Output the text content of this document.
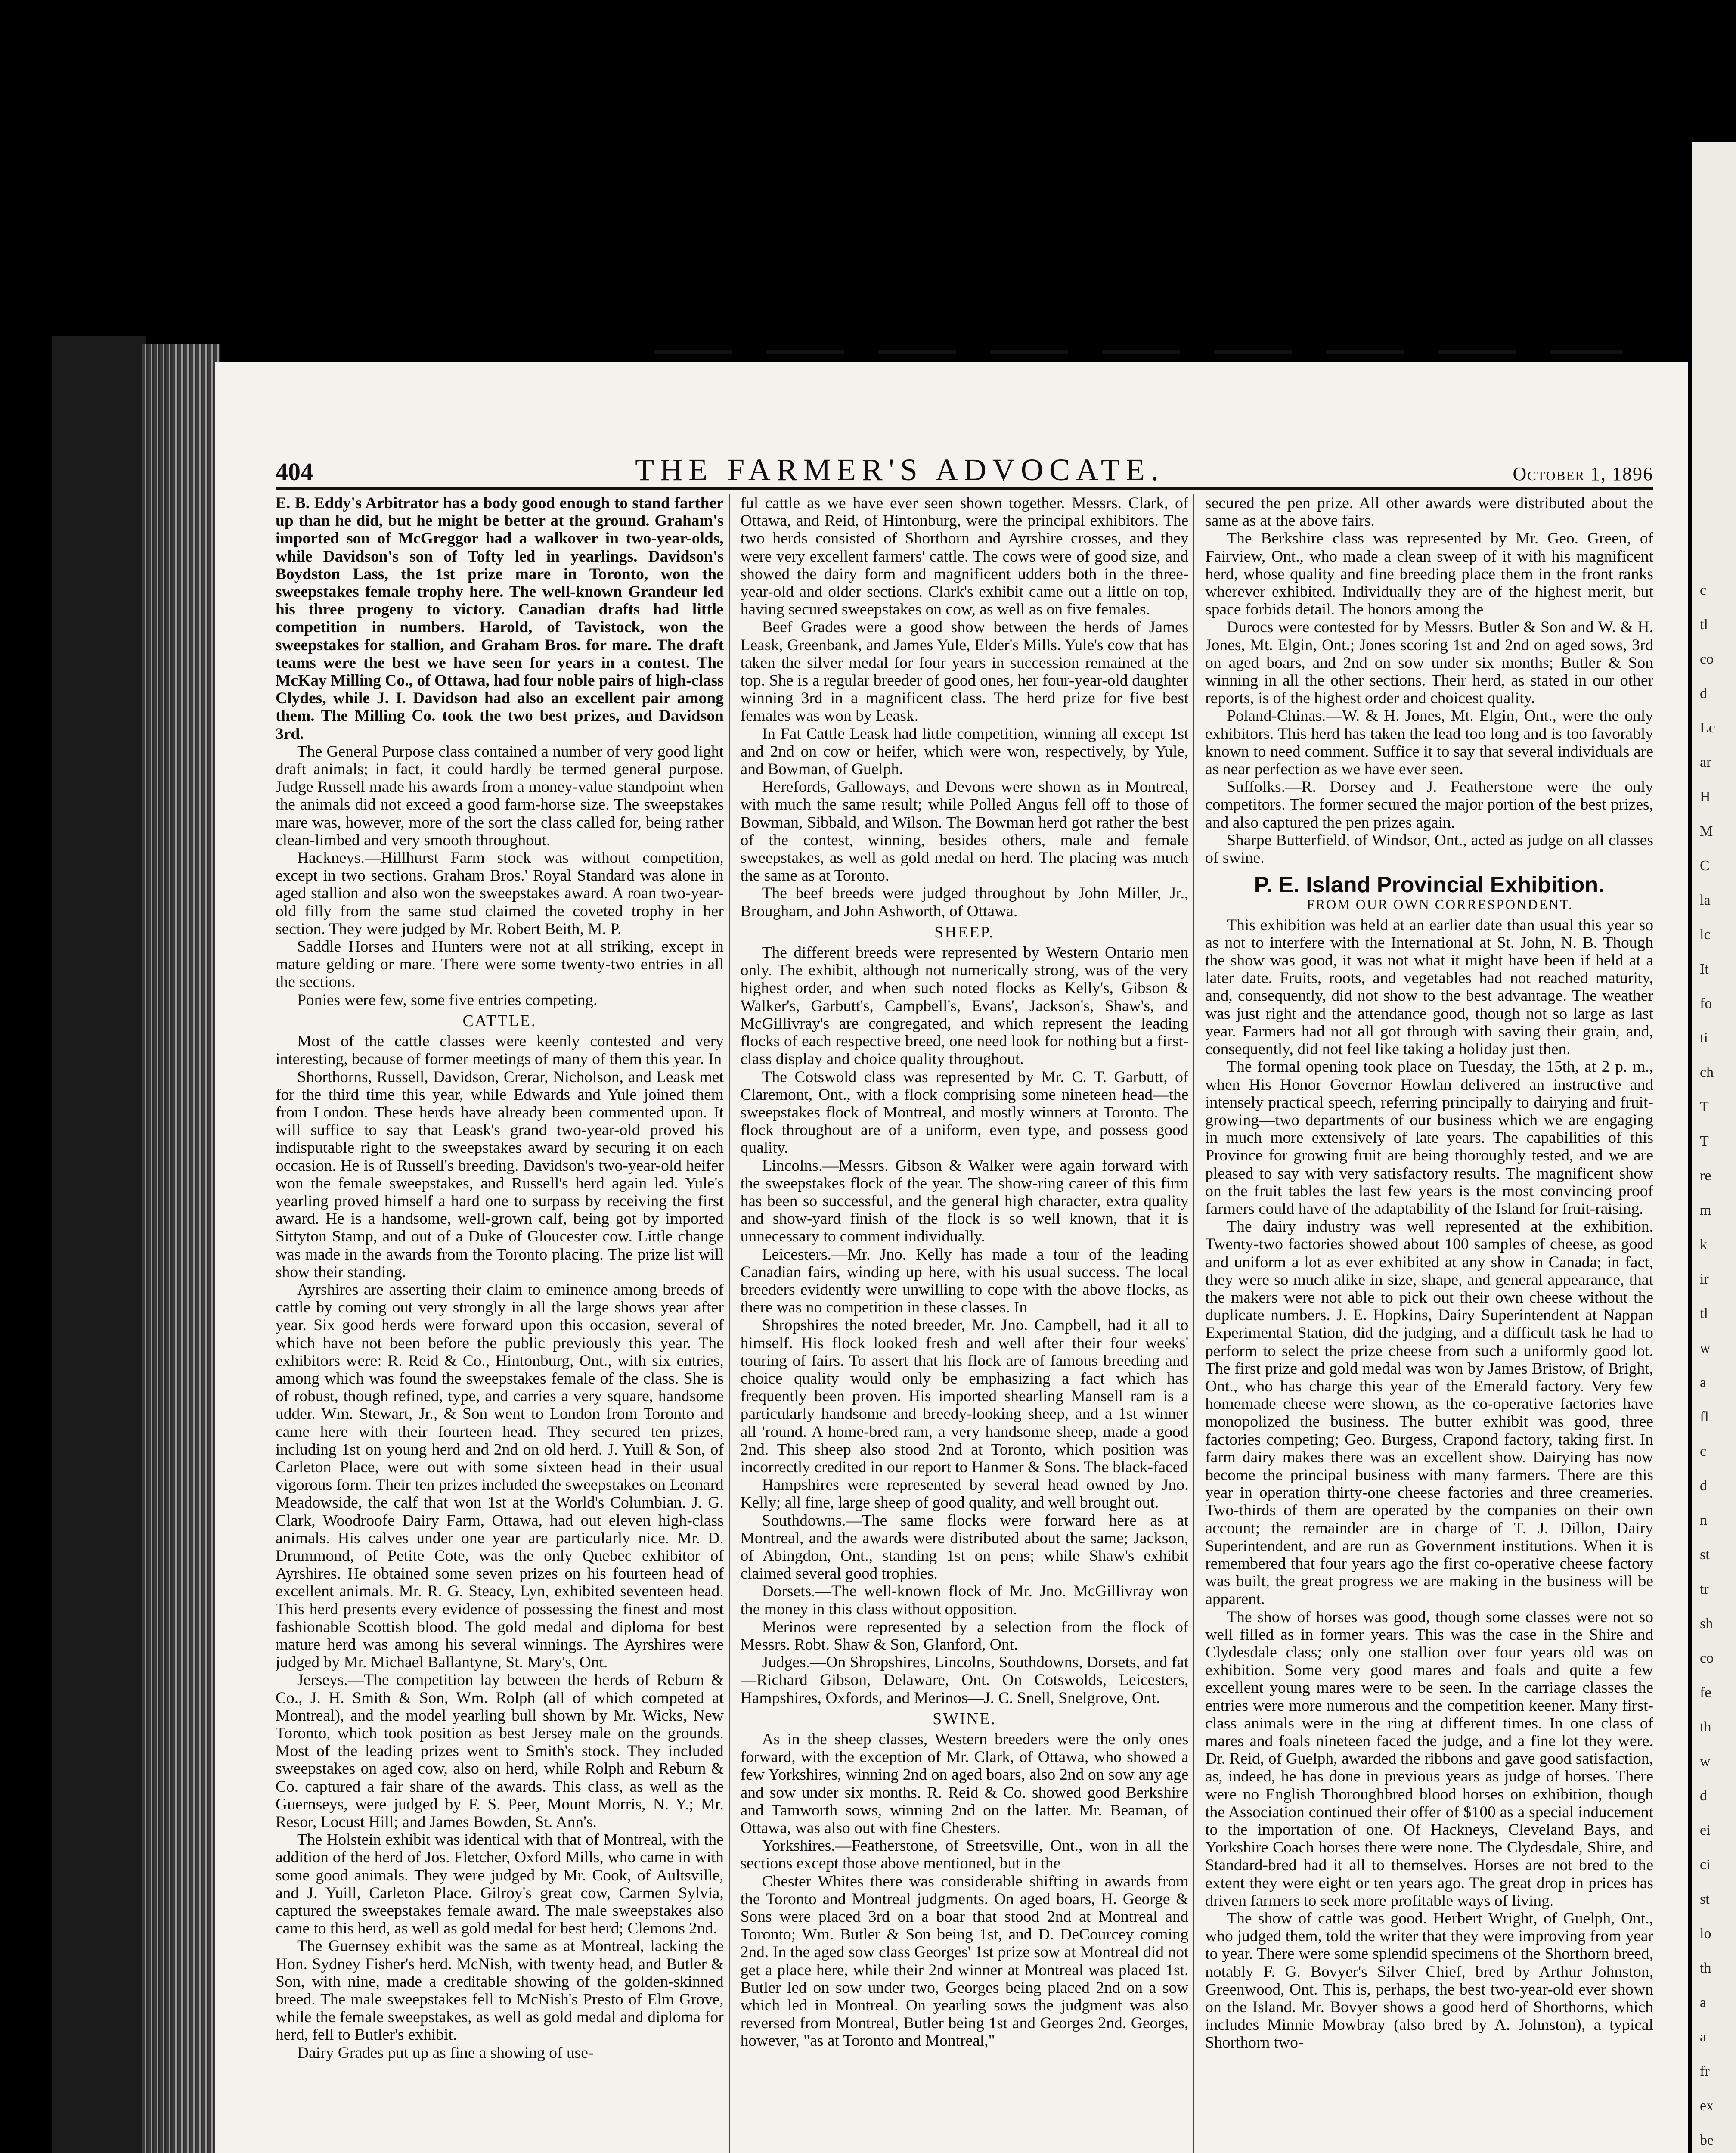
c
tl
co
d
Lc
ar
H
M
C
la
lc
It
fo
ti
ch
T
T
re
m
k
ir
tl
w
a
fl
c
d
n
st
tr
sh
co
fe
th
w
d
ei
ci
st
lo
th
a
a
fr
ex
be
404	THE FARMER'S ADVOCATE.	October 1, 1896

E. B. Eddy's Arbitrator has a body good enough to stand farther up than he did, but he might be better at the ground. Graham's imported son of McGreggor had a walkover in two-year-olds, while Davidson's son of Tofty led in yearlings. Davidson's Boydston Lass, the 1st prize mare in Toronto, won the sweepstakes female trophy here. The well-known Grandeur led his three progeny to victory. Canadian drafts had little competition in numbers. Harold, of Tavistock, won the sweepstakes for stallion, and Graham Bros. for mare. The draft teams were the best we have seen for years in a contest. The McKay Milling Co., of Ottawa, had four noble pairs of high-class Clydes, while J. I. Davidson had also an excellent pair among them. The Milling Co. took the two best prizes, and Davidson 3rd.

The General Purpose class contained a number of very good light draft animals; in fact, it could hardly be termed general purpose. Judge Russell made his awards from a money-value standpoint when the animals did not exceed a good farm-horse size. The sweepstakes mare was, however, more of the sort the class called for, being rather clean-limbed and very smooth throughout.

Hackneys.—Hillhurst Farm stock was without competition, except in two sections. Graham Bros.' Royal Standard was alone in aged stallion and also won the sweepstakes award. A roan two-year-old filly from the same stud claimed the coveted trophy in her section. They were judged by Mr. Robert Beith, M. P.

Saddle Horses and Hunters were not at all striking, except in mature gelding or mare. There were some twenty-two entries in all the sections.

Ponies were few, some five entries competing.

CATTLE.

Most of the cattle classes were keenly contested and very interesting, because of former meetings of many of them this year. In

Shorthorns, Russell, Davidson, Crerar, Nicholson, and Leask met for the third time this year, while Edwards and Yule joined them from London. These herds have already been commented upon. It will suffice to say that Leask's grand two-year-old proved his indisputable right to the sweepstakes award by securing it on each occasion. He is of Russell's breeding. Davidson's two-year-old heifer won the female sweepstakes, and Russell's herd again led. Yule's yearling proved himself a hard one to surpass by receiving the first award. He is a handsome, well-grown calf, being got by imported Sittyton Stamp, and out of a Duke of Gloucester cow. Little change was made in the awards from the Toronto placing. The prize list will show their standing.

Ayrshires are asserting their claim to eminence among breeds of cattle by coming out very strongly in all the large shows year after year. Six good herds were forward upon this occasion, several of which have not been before the public previously this year. The exhibitors were: R. Reid & Co., Hintonburg, Ont., with six entries, among which was found the sweepstakes female of the class. She is of robust, though refined, type, and carries a very square, handsome udder. Wm. Stewart, Jr., & Son went to London from Toronto and came here with their fourteen head. They secured ten prizes, including 1st on young herd and 2nd on old herd. J. Yuill & Son, of Carleton Place, were out with some sixteen head in their usual vigorous form. Their ten prizes included the sweepstakes on Leonard Meadowside, the calf that won 1st at the World's Columbian. J. G. Clark, Woodroofe Dairy Farm, Ottawa, had out eleven high-class animals. His calves under one year are particularly nice. Mr. D. Drummond, of Petite Cote, was the only Quebec exhibitor of Ayrshires. He obtained some seven prizes on his fourteen head of excellent animals. Mr. R. G. Steacy, Lyn, exhibited seventeen head. This herd presents every evidence of possessing the finest and most fashionable Scottish blood. The gold medal and diploma for best mature herd was among his several winnings. The Ayrshires were judged by Mr. Michael Ballantyne, St. Mary's, Ont.

Jerseys.—The competition lay between the herds of Reburn & Co., J. H. Smith & Son, Wm. Rolph (all of which competed at Montreal), and the model yearling bull shown by Mr. Wicks, New Toronto, which took position as best Jersey male on the grounds. Most of the leading prizes went to Smith's stock. They included sweepstakes on aged cow, also on herd, while Rolph and Reburn & Co. captured a fair share of the awards. This class, as well as the Guernseys, were judged by F. S. Peer, Mount Morris, N. Y.; Mr. Resor, Locust Hill; and James Bowden, St. Ann's.

The Holstein exhibit was identical with that of Montreal, with the addition of the herd of Jos. Fletcher, Oxford Mills, who came in with some good animals. They were judged by Mr. Cook, of Aultsville, and J. Yuill, Carleton Place. Gilroy's great cow, Carmen Sylvia, captured the sweepstakes female award. The male sweepstakes also came to this herd, as well as gold medal for best herd; Clemons 2nd.

The Guernsey exhibit was the same as at Montreal, lacking the Hon. Sydney Fisher's herd. McNish, with twenty head, and Butler & Son, with nine, made a creditable showing of the golden-skinned breed. The male sweepstakes fell to McNish's Presto of Elm Grove, while the female sweepstakes, as well as gold medal and diploma for herd, fell to Butler's exhibit.

Dairy Grades put up as fine a showing of use-

ful cattle as we have ever seen shown together. Messrs. Clark, of Ottawa, and Reid, of Hintonburg, were the principal exhibitors. The two herds consisted of Shorthorn and Ayrshire crosses, and they were very excellent farmers' cattle. The cows were of good size, and showed the dairy form and magnificent udders both in the three-year-old and older sections. Clark's exhibit came out a little on top, having secured sweepstakes on cow, as well as on five females.

Beef Grades were a good show between the herds of James Leask, Greenbank, and James Yule, Elder's Mills. Yule's cow that has taken the silver medal for four years in succession remained at the top. She is a regular breeder of good ones, her four-year-old daughter winning 3rd in a magnificent class. The herd prize for five best females was won by Leask.

In Fat Cattle Leask had little competition, winning all except 1st and 2nd on cow or heifer, which were won, respectively, by Yule, and Bowman, of Guelph.

Herefords, Galloways, and Devons were shown as in Montreal, with much the same result; while Polled Angus fell off to those of Bowman, Sibbald, and Wilson. The Bowman herd got rather the best of the contest, winning, besides others, male and female sweepstakes, as well as gold medal on herd. The placing was much the same as at Toronto.

The beef breeds were judged throughout by John Miller, Jr., Brougham, and John Ashworth, of Ottawa.

SHEEP.

The different breeds were represented by Western Ontario men only. The exhibit, although not numerically strong, was of the very highest order, and when such noted flocks as Kelly's, Gibson & Walker's, Garbutt's, Campbell's, Evans', Jackson's, Shaw's, and McGillivray's are congregated, and which represent the leading flocks of each respective breed, one need look for nothing but a first-class display and choice quality throughout.

The Cotswold class was represented by Mr. C. T. Garbutt, of Claremont, Ont., with a flock comprising some nineteen head—the sweepstakes flock of Montreal, and mostly winners at Toronto. The flock throughout are of a uniform, even type, and possess good quality.

Lincolns.—Messrs. Gibson & Walker were again forward with the sweepstakes flock of the year. The show-ring career of this firm has been so successful, and the general high character, extra quality and show-yard finish of the flock is so well known, that it is unnecessary to comment individually.

Leicesters.—Mr. Jno. Kelly has made a tour of the leading Canadian fairs, winding up here, with his usual success. The local breeders evidently were unwilling to cope with the above flocks, as there was no competition in these classes. In

Shropshires the noted breeder, Mr. Jno. Campbell, had it all to himself. His flock looked fresh and well after their four weeks' touring of fairs. To assert that his flock are of famous breeding and choice quality would only be emphasizing a fact which has frequently been proven. His imported shearling Mansell ram is a particularly handsome and breedy-looking sheep, and a 1st winner all 'round. A home-bred ram, a very handsome sheep, made a good 2nd. This sheep also stood 2nd at Toronto, which position was incorrectly credited in our report to Hanmer & Sons. The black-faced

Hampshires were represented by several head owned by Jno. Kelly; all fine, large sheep of good quality, and well brought out.

Southdowns.—The same flocks were forward here as at Montreal, and the awards were distributed about the same; Jackson, of Abingdon, Ont., standing 1st on pens; while Shaw's exhibit claimed several good trophies.

Dorsets.—The well-known flock of Mr. Jno. McGillivray won the money in this class without opposition.

Merinos were represented by a selection from the flock of Messrs. Robt. Shaw & Son, Glanford, Ont.

Judges.—On Shropshires, Lincolns, Southdowns, Dorsets, and fat—Richard Gibson, Delaware, Ont. On Cotswolds, Leicesters, Hampshires, Oxfords, and Merinos—J. C. Snell, Snelgrove, Ont.

SWINE.

As in the sheep classes, Western breeders were the only ones forward, with the exception of Mr. Clark, of Ottawa, who showed a few Yorkshires, winning 2nd on aged boars, also 2nd on sow any age and sow under six months. R. Reid & Co. showed good Berkshire and Tamworth sows, winning 2nd on the latter. Mr. Beaman, of Ottawa, was also out with fine Chesters.

Yorkshires.—Featherstone, of Streetsville, Ont., won in all the sections except those above mentioned, but in the

Chester Whites there was considerable shifting in awards from the Toronto and Montreal judgments. On aged boars, H. George & Sons were placed 3rd on a boar that stood 2nd at Montreal and Toronto; Wm. Butler & Son being 1st, and D. DeCourcey coming 2nd. In the aged sow class Georges' 1st prize sow at Montreal did not get a place here, while their 2nd winner at Montreal was placed 1st. Butler led on sow under two, Georges being placed 2nd on a sow which led in Montreal. On yearling sows the judgment was also reversed from Montreal, Butler being 1st and Georges 2nd. Georges, however, "as at Toronto and Montreal,"

secured the pen prize. All other awards were distributed about the same as at the above fairs.

The Berkshire class was represented by Mr. Geo. Green, of Fairview, Ont., who made a clean sweep of it with his magnificent herd, whose quality and fine breeding place them in the front ranks wherever exhibited. Individually they are of the highest merit, but space forbids detail. The honors among the

Durocs were contested for by Messrs. Butler & Son and W. & H. Jones, Mt. Elgin, Ont.; Jones scoring 1st and 2nd on aged sows, 3rd on aged boars, and 2nd on sow under six months; Butler & Son winning in all the other sections. Their herd, as stated in our other reports, is of the highest order and choicest quality.

Poland-Chinas.—W. & H. Jones, Mt. Elgin, Ont., were the only exhibitors. This herd has taken the lead too long and is too favorably known to need comment. Suffice it to say that several individuals are as near perfection as we have ever seen.

Suffolks.—R. Dorsey and J. Featherstone were the only competitors. The former secured the major portion of the best prizes, and also captured the pen prizes again.

Sharpe Butterfield, of Windsor, Ont., acted as judge on all classes of swine.

P. E. Island Provincial Exhibition.

FROM OUR OWN CORRESPONDENT.

This exhibition was held at an earlier date than usual this year so as not to interfere with the International at St. John, N. B. Though the show was good, it was not what it might have been if held at a later date. Fruits, roots, and vegetables had not reached maturity, and, consequently, did not show to the best advantage. The weather was just right and the attendance good, though not so large as last year. Farmers had not all got through with saving their grain, and, consequently, did not feel like taking a holiday just then.

The formal opening took place on Tuesday, the 15th, at 2 p. m., when His Honor Governor Howlan delivered an instructive and intensely practical speech, referring principally to dairying and fruit-growing—two departments of our business which we are engaging in much more extensively of late years. The capabilities of this Province for growing fruit are being thoroughly tested, and we are pleased to say with very satisfactory results. The magnificent show on the fruit tables the last few years is the most convincing proof farmers could have of the adaptability of the Island for fruit-raising.

The dairy industry was well represented at the exhibition. Twenty-two factories showed about 100 samples of cheese, as good and uniform a lot as ever exhibited at any show in Canada; in fact, they were so much alike in size, shape, and general appearance, that the makers were not able to pick out their own cheese without the duplicate numbers. J. E. Hopkins, Dairy Superintendent at Nappan Experimental Station, did the judging, and a difficult task he had to perform to select the prize cheese from such a uniformly good lot. The first prize and gold medal was won by James Bristow, of Bright, Ont., who has charge this year of the Emerald factory. Very few homemade cheese were shown, as the co-operative factories have monopolized the business. The butter exhibit was good, three factories competing; Geo. Burgess, Crapond factory, taking first. In farm dairy makes there was an excellent show. Dairying has now become the principal business with many farmers. There are this year in operation thirty-one cheese factories and three creameries. Two-thirds of them are operated by the companies on their own account; the remainder are in charge of T. J. Dillon, Dairy Superintendent, and are run as Government institutions. When it is remembered that four years ago the first co-operative cheese factory was built, the great progress we are making in the business will be apparent.

The show of horses was good, though some classes were not so well filled as in former years. This was the case in the Shire and Clydesdale class; only one stallion over four years old was on exhibition. Some very good mares and foals and quite a few excellent young mares were to be seen. In the carriage classes the entries were more numerous and the competition keener. Many first-class animals were in the ring at different times. In one class of mares and foals nineteen faced the judge, and a fine lot they were. Dr. Reid, of Guelph, awarded the ribbons and gave good satisfaction, as, indeed, he has done in previous years as judge of horses. There were no English Thoroughbred blood horses on exhibition, though the Association continued their offer of $100 as a special inducement to the importation of one. Of Hackneys, Cleveland Bays, and Yorkshire Coach horses there were none. The Clydesdale, Shire, and Standard-bred had it all to themselves. Horses are not bred to the extent they were eight or ten years ago. The great drop in prices has driven farmers to seek more profitable ways of living.

The show of cattle was good. Herbert Wright, of Guelph, Ont., who judged them, told the writer that they were improving from year to year. There were some splendid specimens of the Shorthorn breed, notably F. G. Bovyer's Silver Chief, bred by Arthur Johnston, Greenwood, Ont. This is, perhaps, the best two-year-old ever shown on the Island. Mr. Bovyer shows a good herd of Shorthorns, which includes Minnie Mowbray (also bred by A. Johnston), a typical Shorthorn two-
